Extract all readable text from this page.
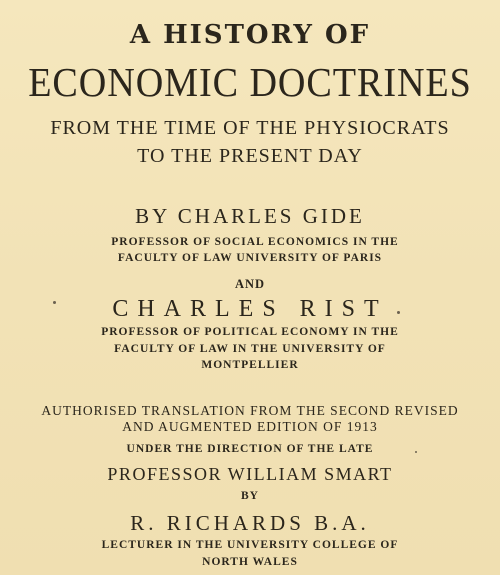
A HISTORY OF
ECONOMIC DOCTRINES
FROM THE TIME OF THE PHYSIOCRATS
TO THE PRESENT DAY
BY CHARLES GIDE
PROFESSOR OF SOCIAL ECONOMICS IN THE
FACULTY OF LAW UNIVERSITY OF PARIS
AND
CHARLES RIST
PROFESSOR OF POLITICAL ECONOMY IN THE
FACULTY OF LAW IN THE UNIVERSITY OF
MONTPELLIER
AUTHORISED TRANSLATION FROM THE SECOND REVISED
AND AUGMENTED EDITION OF 1913
UNDER THE DIRECTION OF THE LATE
PROFESSOR WILLIAM SMART
BY
R. RICHARDS B.A.
LECTURER IN THE UNIVERSITY COLLEGE OF
NORTH WALES
